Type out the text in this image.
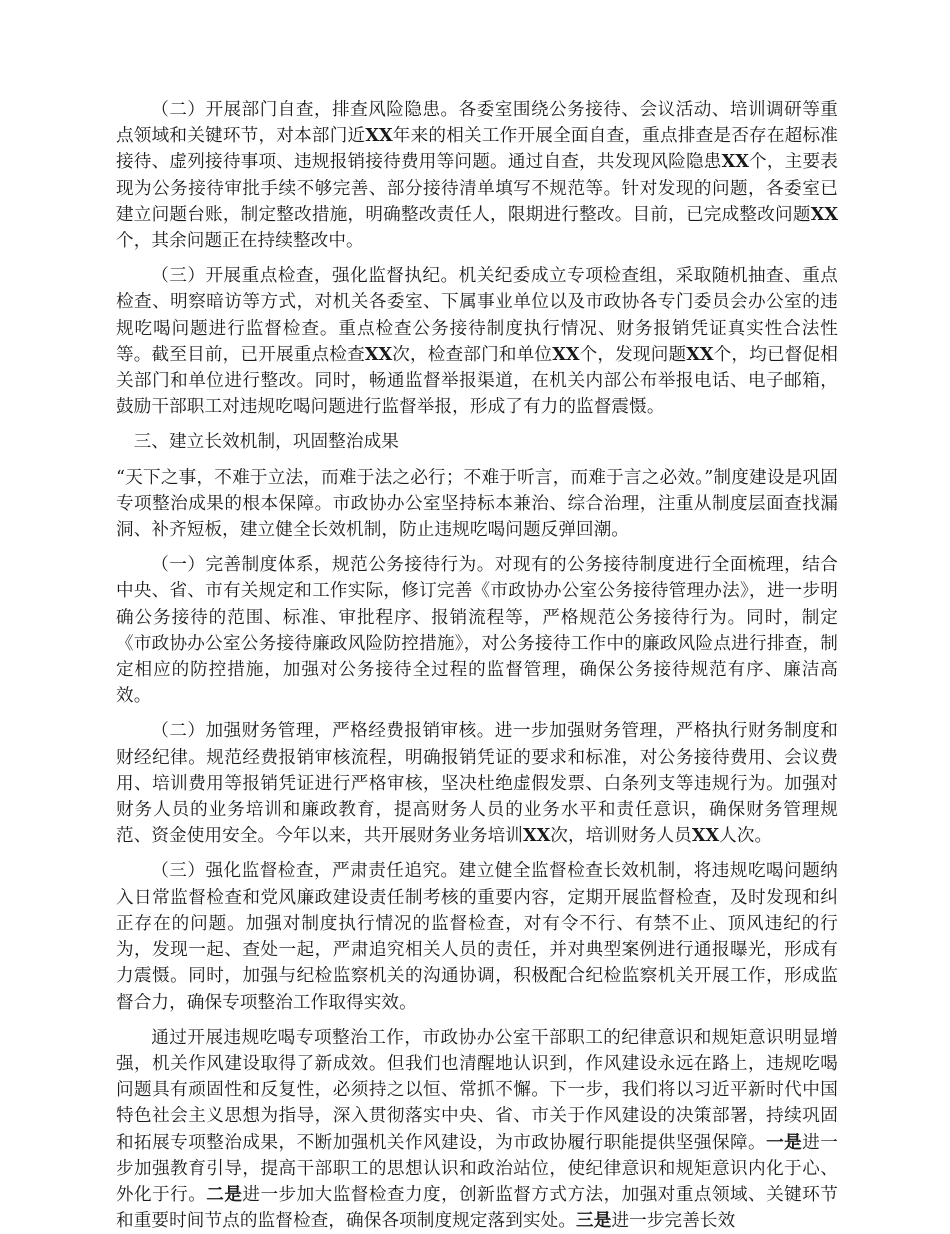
（二）开展部门自查，排查风险隐患。各委室围绕公务接待、会议活动、培训调研等重点领域和关键环节，对本部门近XX年来的相关工作开展全面自查，重点排查是否存在超标准接待、虚列接待事项、违规报销接待费用等问题。通过自查，共发现风险隐患XX个，主要表现为公务接待审批手续不够完善、部分接待清单填写不规范等。针对发现的问题，各委室已建立问题台账，制定整改措施，明确整改责任人，限期进行整改。目前，已完成整改问题XX个，其余问题正在持续整改中。

（三）开展重点检查，强化监督执纪。机关纪委成立专项检查组，采取随机抽查、重点检查、明察暗访等方式，对机关各委室、下属事业单位以及市政协各专门委员会办公室的违规吃喝问题进行监督检查。重点检查公务接待制度执行情况、财务报销凭证真实性合法性等。截至目前，已开展重点检查XX次，检查部门和单位XX个，发现问题XX个，均已督促相关部门和单位进行整改。同时，畅通监督举报渠道，在机关内部公布举报电话、电子邮箱，鼓励干部职工对违规吃喝问题进行监督举报，形成了有力的监督震慑。

三、建立长效机制，巩固整治成果

“天下之事，不难于立法，而难于法之必行；不难于听言，而难于言之必效。”制度建设是巩固专项整治成果的根本保障。市政协办公室坚持标本兼治、综合治理，注重从制度层面查找漏洞、补齐短板，建立健全长效机制，防止违规吃喝问题反弹回潮。

（一）完善制度体系，规范公务接待行为。对现有的公务接待制度进行全面梳理，结合中央、省、市有关规定和工作实际，修订完善《市政协办公室公务接待管理办法》，进一步明确公务接待的范围、标准、审批程序、报销流程等，严格规范公务接待行为。同时，制定《市政协办公室公务接待廉政风险防控措施》，对公务接待工作中的廉政风险点进行排查，制定相应的防控措施，加强对公务接待全过程的监督管理，确保公务接待规范有序、廉洁高效。

（二）加强财务管理，严格经费报销审核。进一步加强财务管理，严格执行财务制度和财经纪律。规范经费报销审核流程，明确报销凭证的要求和标准，对公务接待费用、会议费用、培训费用等报销凭证进行严格审核，坚决杜绝虚假发票、白条列支等违规行为。加强对财务人员的业务培训和廉政教育，提高财务人员的业务水平和责任意识，确保财务管理规范、资金使用安全。今年以来，共开展财务业务培训XX次，培训财务人员XX人次。

（三）强化监督检查，严肃责任追究。建立健全监督检查长效机制，将违规吃喝问题纳入日常监督检查和党风廉政建设责任制考核的重要内容，定期开展监督检查，及时发现和纠正存在的问题。加强对制度执行情况的监督检查，对有令不行、有禁不止、顶风违纪的行为，发现一起、查处一起，严肃追究相关人员的责任，并对典型案例进行通报曝光，形成有力震慑。同时，加强与纪检监察机关的沟通协调，积极配合纪检监察机关开展工作，形成监督合力，确保专项整治工作取得实效。

通过开展违规吃喝专项整治工作，市政协办公室干部职工的纪律意识和规矩意识明显增强，机关作风建设取得了新成效。但我们也清醒地认识到，作风建设永远在路上，违规吃喝问题具有顽固性和反复性，必须持之以恒、常抓不懈。下一步，我们将以习近平新时代中国特色社会主义思想为指导，深入贯彻落实中央、省、市关于作风建设的决策部署，持续巩固和拓展专项整治成果，不断加强机关作风建设，为市政协履行职能提供坚强保障。一是进一步加强教育引导，提高干部职工的思想认识和政治站位，使纪律意识和规矩意识内化于心、外化于行。二是进一步加大监督检查力度，创新监督方式方法，加强对重点领域、关键环节和重要时间节点的监督检查，确保各项制度规定落到实处。三是进一步完善长效
